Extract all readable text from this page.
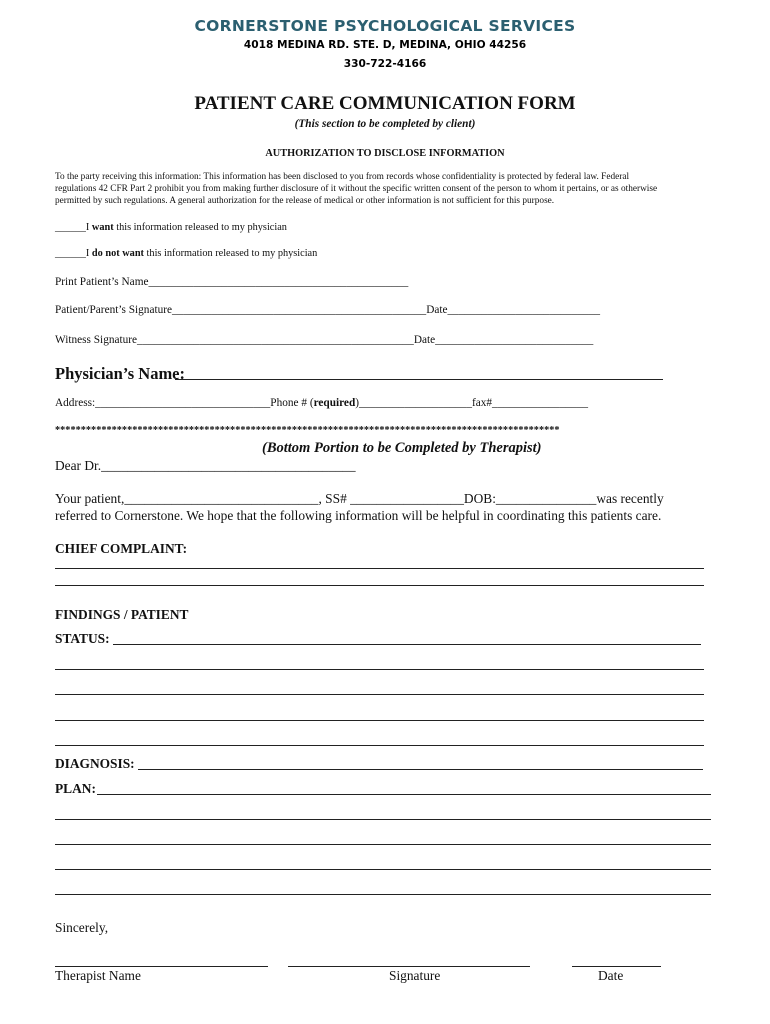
CORNERSTONE PSYCHOLOGICAL SERVICES
4018 MEDINA RD. STE. D, MEDINA, OHIO 44256
330-722-4166
PATIENT CARE COMMUNICATION FORM
(This section to be completed by client)
AUTHORIZATION TO DISCLOSE INFORMATION
To the party receiving this information: This information has been disclosed to you from records whose confidentiality is protected by federal law. Federal
regulations 42 CFR Part 2 prohibit you from making further disclosure of it without the specific written consent of the person to whom it pertains, or as otherwise
permitted by such regulations. A general authorization for the release of medical or other information is not sufficient for this purpose.
______I want this information released to my physician
______I do not want this information released to my physician
Print Patient’s Name______________________________________________
Patient/Parent’s Signature_____________________________________________Date___________________________
Witness Signature_________________________________________________Date____________________________
Physician’s Name:
Address:_______________________________Phone # (required)____________________fax#_________________
**************************************************************************************************
(Bottom Portion to be Completed by Therapist)
Dear Dr.______________________________________
Your patient,_____________________________, SS# _________________DOB:_______________was recently
referred to Cornerstone. We hope that the following information will be helpful in coordinating this patients care.
CHIEF COMPLAINT:
FINDINGS / PATIENT
STATUS:
DIAGNOSIS:
PLAN:
Sincerely,
Therapist Name	Signature	Date
